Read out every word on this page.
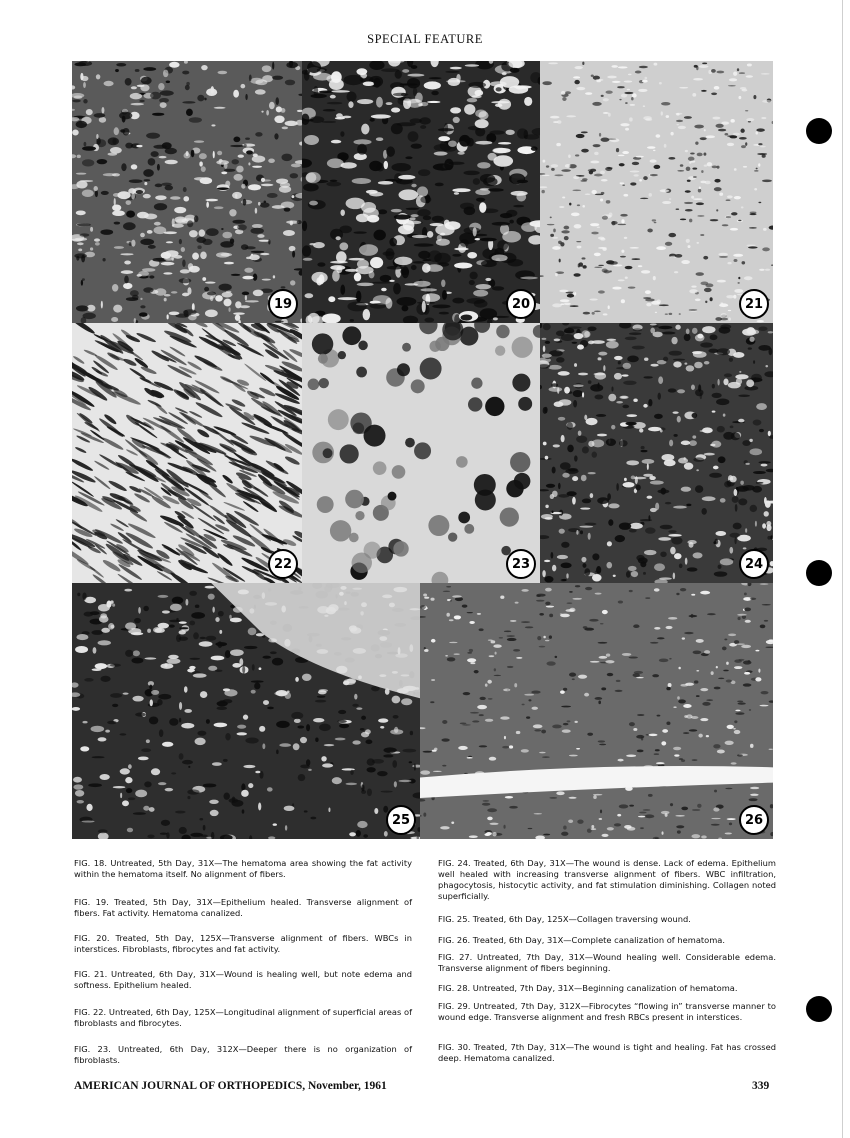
SPECIAL FEATURE
19	20	21
22	23	24
25	26

FIG. 18. Untreated, 5th Day, 31X—The hematoma area showing the fat activity within the hematoma itself. No alignment of fibers.

FIG. 19. Treated, 5th Day, 31X—Epithelium healed. Transverse alignment of fibers. Fat activity. Hematoma canalized.

FIG. 20. Treated, 5th Day, 125X—Transverse alignment of fibers. WBCs in interstices. Fibroblasts, fibrocytes and fat activity.

FIG. 21. Untreated, 6th Day, 31X—Wound is healing well, but note edema and softness. Epithelium healed.

FIG. 22. Untreated, 6th Day, 125X—Longitudinal alignment of superficial areas of fibroblasts and fibrocytes.

FIG. 23. Untreated, 6th Day, 312X—Deeper there is no organization of fibroblasts.

FIG. 24. Treated, 6th Day, 31X—The wound is dense. Lack of edema. Epithelium well healed with increasing transverse alignment of fibers. WBC infiltration, phagocytosis, histocytic activity, and fat stimulation diminishing. Collagen noted superficially.

FIG. 25. Treated, 6th Day, 125X—Collagen traversing wound.

FIG. 26. Treated, 6th Day, 31X—Complete canalization of hematoma.

FIG. 27. Untreated, 7th Day, 31X—Wound healing well. Considerable edema. Transverse alignment of fibers beginning.

FIG. 28. Untreated, 7th Day, 31X—Beginning canalization of hematoma.

FIG. 29. Untreated, 7th Day, 312X—Fibrocytes “flowing in” transverse manner to wound edge. Transverse alignment and fresh RBCs present in interstices.

FIG. 30. Treated, 7th Day, 31X—The wound is tight and healing. Fat has crossed deep. Hematoma canalized.

AMERICAN JOURNAL OF ORTHOPEDICS, November, 1961	339
